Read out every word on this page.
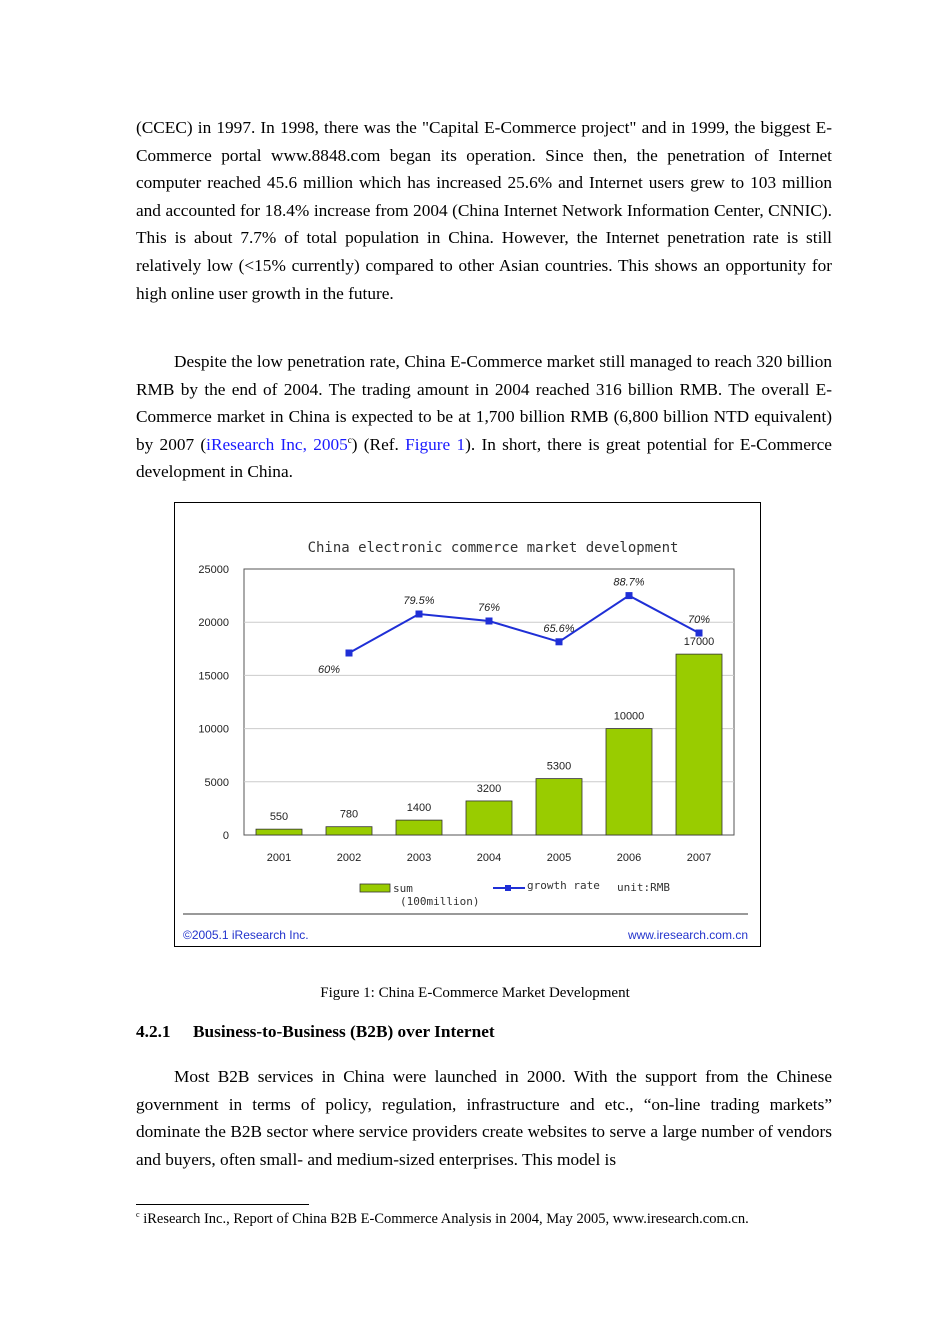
(CCEC) in 1997. In 1998, there was the "Capital E-Commerce project" and in 1999, the biggest E-Commerce portal www.8848.com began its operation. Since then, the penetration of Internet computer reached 45.6 million which has increased 25.6% and Internet users grew to 103 million and accounted for 18.4% increase from 2004 (China Internet Network Information Center, CNNIC). This is about 7.7% of total population in China. However, the Internet penetration rate is still relatively low (<15% currently) compared to other Asian countries. This shows an opportunity for high online user growth in the future.

Despite the low penetration rate, China E-Commerce market still managed to reach 320 billion RMB by the end of 2004. The trading amount in 2004 reached 316 billion RMB. The overall E-Commerce market in China is expected to be at 1,700 billion RMB (6,800 billion NTD equivalent) by 2007 (iResearch Inc, 2005$^c$) (Ref. Figure 1). In short, there is great potential for E-Commerce development in China.

China electronic commerce market development
0
5000
10000
15000
20000
25000
550	780
1400
3200
5300
10000
17000
2001	2002	2003	2004	2005	2006	2007
60%
79.5%
76%
65.6%
88.7%
70%
sum
(100million)
growth rate unit:RMB
©2005.1 iResearch Inc.	www.iresearch.com.cn
Figure 1: China E-Commerce Market Development
4.2.1 Business-to-Business (B2B) over Internet

Most B2B services in China were launched in 2000. With the support from the Chinese government in terms of policy, regulation, infrastructure and etc., “on-line trading markets” dominate the B2B sector where service providers create websites to serve a large number of vendors and buyers, often small- and medium-sized enterprises. This model is

$^c$ iResearch Inc., Report of China B2B E-Commerce Analysis in 2004, May 2005, www.iresearch.com.cn.
